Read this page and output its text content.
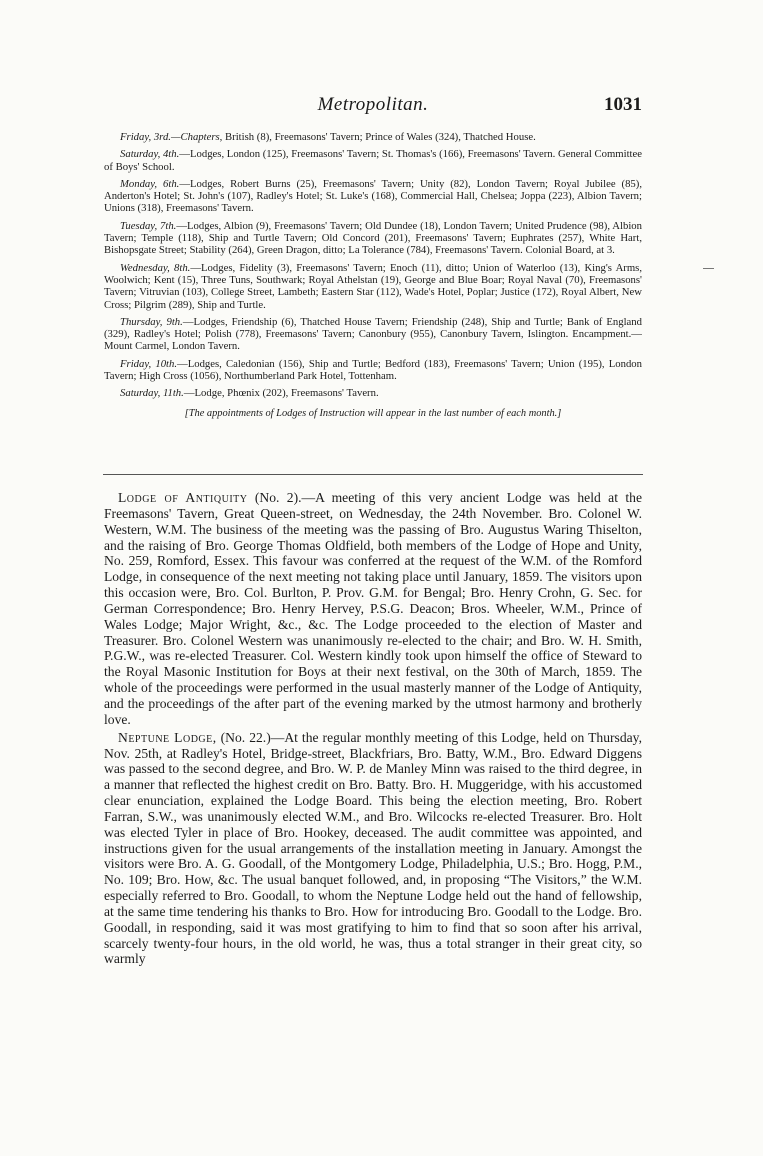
Metropolitan.	1031

Friday, 3rd.—Chapters, British (8), Freemasons' Tavern; Prince of Wales (324), Thatched House.

Saturday, 4th.—Lodges, London (125), Freemasons' Tavern; St. Thomas's (166), Freemasons' Tavern. General Committee of Boys' School.

Monday, 6th.—Lodges, Robert Burns (25), Freemasons' Tavern; Unity (82), London Tavern; Royal Jubilee (85), Anderton's Hotel; St. John's (107), Radley's Hotel; St. Luke's (168), Commercial Hall, Chelsea; Joppa (223), Albion Tavern; Unions (318), Freemasons' Tavern.

Tuesday, 7th.—Lodges, Albion (9), Freemasons' Tavern; Old Dundee (18), London Tavern; United Prudence (98), Albion Tavern; Temple (118), Ship and Turtle Tavern; Old Concord (201), Freemasons' Tavern; Euphrates (257), White Hart, Bishopsgate Street; Stability (264), Green Dragon, ditto; La Tolerance (784), Freemasons' Tavern. Colonial Board, at 3.

Wednesday, 8th.—Lodges, Fidelity (3), Freemasons' Tavern; Enoch (11), ditto; Union of Waterloo (13), King's Arms, Woolwich; Kent (15), Three Tuns, Southwark; Royal Athelstan (19), George and Blue Boar; Royal Naval (70), Freemasons' Tavern; Vitruvian (103), College Street, Lambeth; Eastern Star (112), Wade's Hotel, Poplar; Justice (172), Royal Albert, New Cross; Pilgrim (289), Ship and Turtle.

Thursday, 9th.—Lodges, Friendship (6), Thatched House Tavern; Friendship (248), Ship and Turtle; Bank of England (329), Radley's Hotel; Polish (778), Freemasons' Tavern; Canonbury (955), Canonbury Tavern, Islington. Encampment.—Mount Carmel, London Tavern.

Friday, 10th.—Lodges, Caledonian (156), Ship and Turtle; Bedford (183), Freemasons' Tavern; Union (195), London Tavern; High Cross (1056), Northumberland Park Hotel, Tottenham.

Saturday, 11th.—Lodge, Phœnix (202), Freemasons' Tavern.

[The appointments of Lodges of Instruction will appear in the last number of each month.]

Lodge of Antiquity (No. 2).—A meeting of this very ancient Lodge was held at the Freemasons' Tavern, Great Queen-street, on Wednesday, the 24th November. Bro. Colonel W. Western, W.M. The business of the meeting was the passing of Bro. Augustus Waring Thiselton, and the raising of Bro. George Thomas Oldfield, both members of the Lodge of Hope and Unity, No. 259, Romford, Essex. This favour was conferred at the request of the W.M. of the Romford Lodge, in consequence of the next meeting not taking place until January, 1859. The visitors upon this occasion were, Bro. Col. Burlton, P. Prov. G.M. for Bengal; Bro. Henry Crohn, G. Sec. for German Correspondence; Bro. Henry Hervey, P.S.G. Deacon; Bros. Wheeler, W.M., Prince of Wales Lodge; Major Wright, &c., &c. The Lodge proceeded to the election of Master and Treasurer. Bro. Colonel Western was unanimously re-elected to the chair; and Bro. W. H. Smith, P.G.W., was re-elected Treasurer. Col. Western kindly took upon himself the office of Steward to the Royal Masonic Institution for Boys at their next festival, on the 30th of March, 1859. The whole of the proceedings were performed in the usual masterly manner of the Lodge of Antiquity, and the proceedings of the after part of the evening marked by the utmost harmony and brotherly love.

Neptune Lodge, (No. 22.)—At the regular monthly meeting of this Lodge, held on Thursday, Nov. 25th, at Radley's Hotel, Bridge-street, Blackfriars, Bro. Batty, W.M., Bro. Edward Diggens was passed to the second degree, and Bro. W. P. de Manley Minn was raised to the third degree, in a manner that reflected the highest credit on Bro. Batty. Bro. H. Muggeridge, with his accustomed clear enunciation, explained the Lodge Board. This being the election meeting, Bro. Robert Farran, S.W., was unanimously elected W.M., and Bro. Wilcocks re-elected Treasurer. Bro. Holt was elected Tyler in place of Bro. Hookey, deceased. The audit committee was appointed, and instructions given for the usual arrangements of the installation meeting in January. Amongst the visitors were Bro. A. G. Goodall, of the Montgomery Lodge, Philadelphia, U.S.; Bro. Hogg, P.M., No. 109; Bro. How, &c. The usual banquet followed, and, in proposing “The Visitors,” the W.M. especially referred to Bro. Goodall, to whom the Neptune Lodge held out the hand of fellowship, at the same time tendering his thanks to Bro. How for introducing Bro. Goodall to the Lodge. Bro. Goodall, in responding, said it was most gratifying to him to find that so soon after his arrival, scarcely twenty-four hours, in the old world, he was, thus a total stranger in their great city, so warmly
